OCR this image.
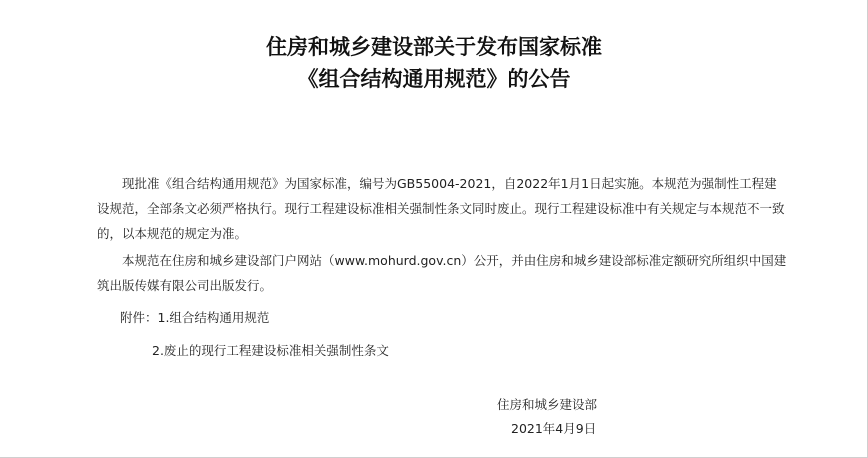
住房和城乡建设部关于发布国家标准
《组合结构通用规范》的公告
现批准《组合结构通用规范》为国家标准，编号为GB55004-2021，自2022年1月1日起实施。本规范为强制性工程建设规范，全部条文必须严格执行。现行工程建设标准相关强制性条文同时废止。现行工程建设标准中有关规定与本规范不一致的，以本规范的规定为准。
本规范在住房和城乡建设部门户网站（www.mohurd.gov.cn）公开，并由住房和城乡建设部标准定额研究所组织中国建筑出版传媒有限公司出版发行。
附件：1.组合结构通用规范
2.废止的现行工程建设标准相关强制性条文
住房和城乡建设部
2021年4月9日
